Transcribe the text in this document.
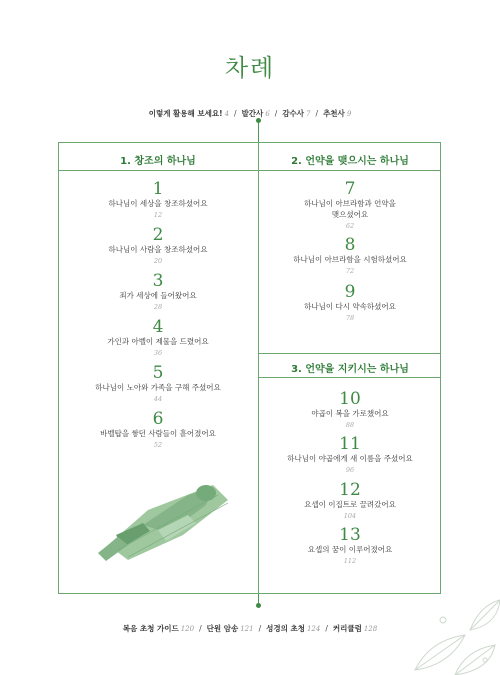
차례
이렇게 활용해 보세요! 4 / 발간사 6 / 감수사 7 / 추천사 9
1. 창조의 하나님	2. 언약을 맺으시는 하나님
3. 언약을 지키시는 하나님
1
하나님이 세상을 창조하셨어요
12
2
하나님이 사람을 창조하셨어요
20
3
죄가 세상에 들어왔어요
28
4
가인과 아벨이 제물을 드렸어요
36
5
하나님이 노아와 가족을 구해 주셨어요
44
6
바벨탑을 쌓던 사람들이 흩어졌어요
52
7
하나님이 아브라함과 언약을
맺으셨어요
62
8
하나님이 아브라함을 시험하셨어요
72
9
하나님이 다시 약속하셨어요
78
10
야곱이 복을 가로챘어요
88
11
하나님이 야곱에게 새 이름을 주셨어요
96
12
요셉이 이집트로 끌려갔어요
104
13
요셉의 꿈이 이루어졌어요
112
복음 초청 가이드 120 / 단원 암송 121 / 성경의 초청 124 / 커리큘럼 128
